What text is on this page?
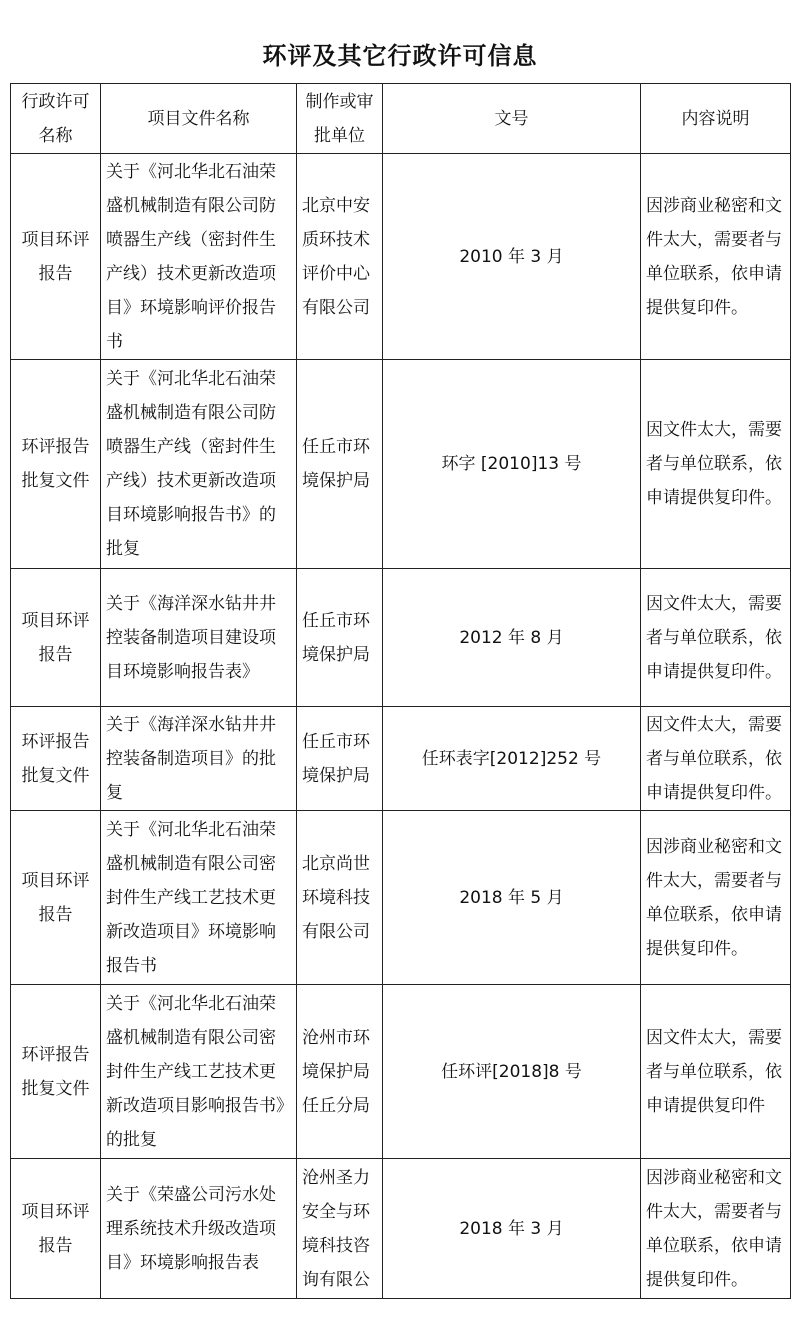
环评及其它行政许可信息
行政许可名称	项目文件名称	制作或审批单位	文号	内容说明

项目环评报告	关于《河北华北石油荣盛机械制造有限公司防喷器生产线（密封件生产线）技术更新改造项目》环境影响评价报告书	北京中安质环技术评价中心有限公司	2010 年 3 月	因涉商业秘密和文件太大，需要者与单位联系，依申请提供复印件。

环评报告批复文件	关于《河北华北石油荣盛机械制造有限公司防喷器生产线（密封件生产线）技术更新改造项目环境影响报告书》的批复	任丘市环境保护局	环字 [2010]13 号	因文件太大，需要者与单位联系，依申请提供复印件。

项目环评报告	关于《海洋深水钻井井控装备制造项目建设项目环境影响报告表》	任丘市环境保护局	2012 年 8 月	因文件太大，需要者与单位联系，依申请提供复印件。

环评报告批复文件	关于《海洋深水钻井井控装备制造项目》的批复	任丘市环境保护局	任环表字[2012]252 号	因文件太大，需要者与单位联系，依申请提供复印件。

项目环评报告	关于《河北华北石油荣盛机械制造有限公司密封件生产线工艺技术更新改造项目》环境影响报告书	北京尚世环境科技有限公司	2018 年 5 月	因涉商业秘密和文件太大，需要者与单位联系，依申请提供复印件。

环评报告批复文件	关于《河北华北石油荣盛机械制造有限公司密封件生产线工艺技术更新改造项目影响报告书》的批复	沧州市环境保护局任丘分局	任环评[2018]8 号	因文件太大，需要者与单位联系，依申请提供复印件

项目环评报告	关于《荣盛公司污水处理系统技术升级改造项目》环境影响报告表	沧州圣力安全与环境科技咨询有限公	2018 年 3 月	因涉商业秘密和文件太大，需要者与单位联系，依申请提供复印件。
